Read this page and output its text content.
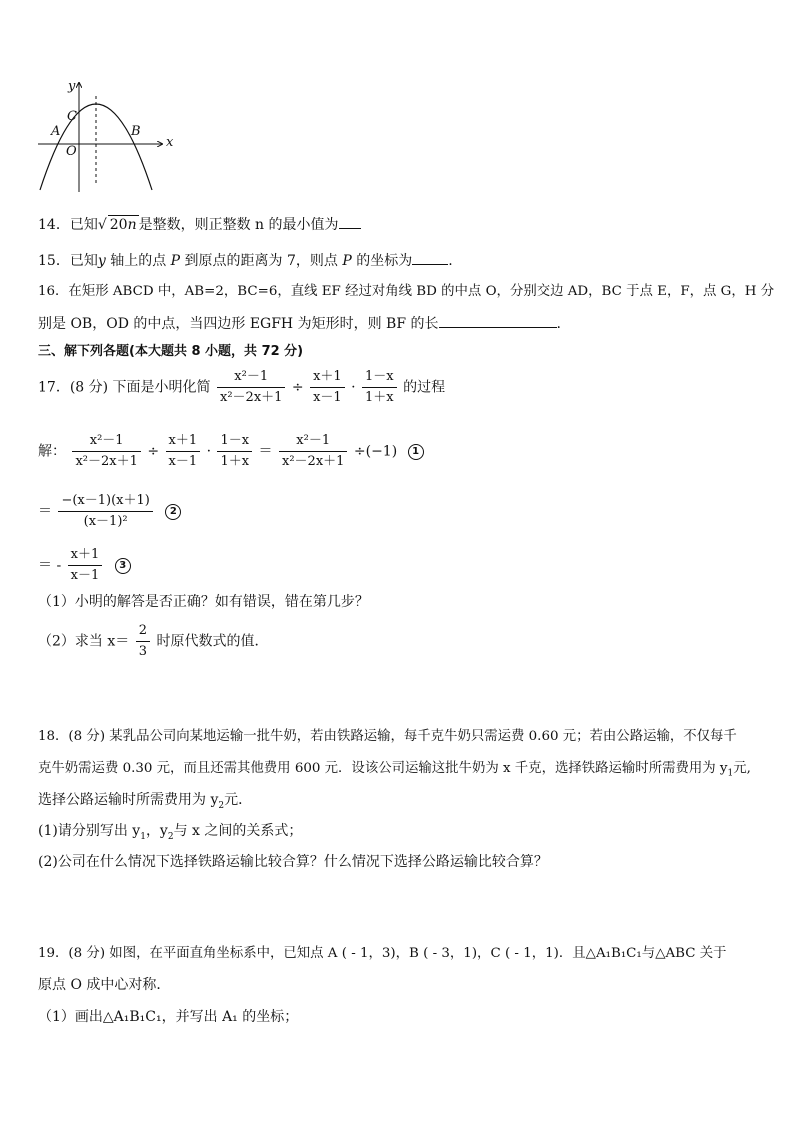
y
x
C
A	B
O
14．已知√ 20n 是整数，则正整数 n 的最小值为
15．已知y 轴上的点 P 到原点的距离为 7，则点 P 的坐标为	.
16．在矩形 ABCD 中，AB=2，BC=6，直线 EF 经过对角线 BD 的中点 O，分别交边 AD，BC 于点 E，F，点 G，H 分
别是 OB，OD 的中点，当四边形 EGFH 为矩形时，则 BF 的长	.
三、解下列各题(本大题共 8 小题，共 72 分)
17．(8 分) 下面是小明化简 $\frac{\text{x²－1}}{\text{x²－2x＋1}} \div \frac{x+1}{x-1} \cdot \frac{1-x}{1+x}$ 的过程
解： $\frac{\text{x²－1}}{\text{x²－2x＋1}} \div \frac{x+1}{x-1} \cdot \frac{1-x}{1+x} = \frac{\text{x²－1}}{\text{x²－2x＋1}} \div(-1)$ 1
＝ $\frac{-(x-1)(x+1)}{\text{(x－1)²}} 2$
＝ - $\frac{x+1}{x-1} 3$
（1）小明的解答是否正确？如有错误，错在第几步？
（2）求当 $x= \frac{2}{3}$ 时原代数式的值．
18．(8 分) 某乳品公司向某地运输一批牛奶，若由铁路运输，每千克牛奶只需运费 0.60 元；若由公路运输，不仅每千
克牛奶需运费 0.30 元，而且还需其他费用 600 元．设该公司运输这批牛奶为 x 千克，选择铁路运输时所需费用为 $y_1$元,
选择公路运输时所需费用为 $y_2$元．
(1)请分别写出 $y_1$，$y_2$与 x 之间的关系式；
(2)公司在什么情况下选择铁路运输比较合算？什么情况下选择公路运输比较合算？
19．(8 分) 如图，在平面直角坐标系中，已知点 A ( - 1，3)，B ( - 3，1)，C ( - 1，1)．且△A₁B₁C₁与△ABC 关于
原点 O 成中心对称．
（1）画出△A₁B₁C₁，并写出 A₁ 的坐标；
